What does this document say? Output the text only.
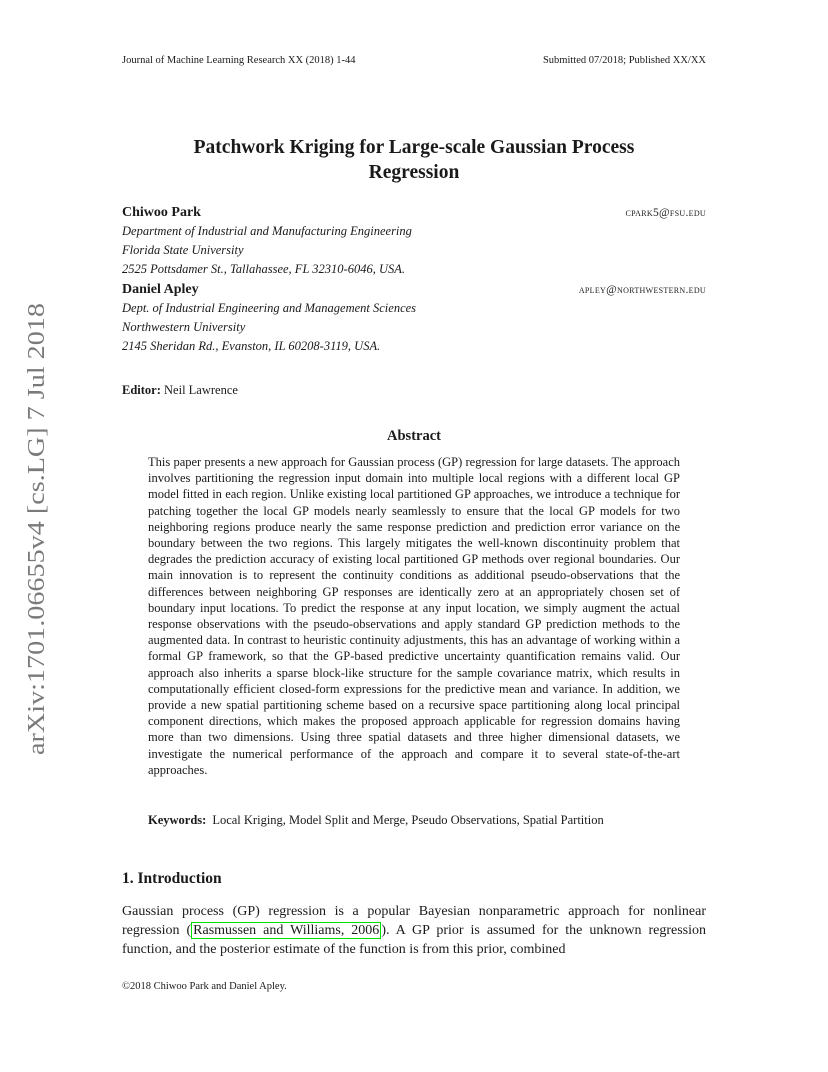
Journal of Machine Learning Research XX (2018) 1-44	Submitted 07/2018; Published XX/XX
arXiv:1701.06655v4 [cs.LG] 7 Jul 2018
Patchwork Kriging for Large-scale Gaussian Process
Regression
Chiwoo Park	cpark5@fsu.edu
Department of Industrial and Manufacturing Engineering
Florida State University
2525 Pottsdamer St., Tallahassee, FL 32310-6046, USA.
Daniel Apley	apley@northwestern.edu
Dept. of Industrial Engineering and Management Sciences
Northwestern University
2145 Sheridan Rd., Evanston, IL 60208-3119, USA.
Editor: Neil Lawrence
Abstract
This paper presents a new approach for Gaussian process (GP) regression for large datasets. The approach involves partitioning the regression input domain into multiple local regions with a different local GP model fitted in each region. Unlike existing local partitioned GP approaches, we introduce a technique for patching together the local GP models nearly seamlessly to ensure that the local GP models for two neighboring regions produce nearly the same response prediction and prediction error variance on the boundary between the two regions. This largely mitigates the well-known discontinuity problem that degrades the prediction accuracy of existing local partitioned GP methods over regional boundaries. Our main innovation is to represent the continuity conditions as additional pseudo-observations that the differences between neighboring GP responses are identically zero at an appropriately chosen set of boundary input locations. To predict the response at any input location, we simply augment the actual response observations with the pseudo-observations and apply standard GP prediction methods to the augmented data. In contrast to heuristic continuity adjustments, this has an advantage of working within a formal GP framework, so that the GP-based predictive uncertainty quantification remains valid. Our approach also inherits a sparse block-like structure for the sample covariance matrix, which results in computationally efficient closed-form expressions for the predictive mean and variance. In addition, we provide a new spatial partitioning scheme based on a recursive space partitioning along local principal component directions, which makes the proposed approach applicable for regression domains having more than two dimensions. Using three spatial datasets and three higher dimensional datasets, we investigate the numerical performance of the approach and compare it to several state-of-the-art approaches.
Keywords: Local Kriging, Model Split and Merge, Pseudo Observations, Spatial Partition
1. Introduction
Gaussian process (GP) regression is a popular Bayesian nonparametric approach for nonlinear regression ( Rasmussen and Williams, 2006 ). A GP prior is assumed for the unknown regression function, and the posterior estimate of the function is from this prior, combined
©2018 Chiwoo Park and Daniel Apley.
